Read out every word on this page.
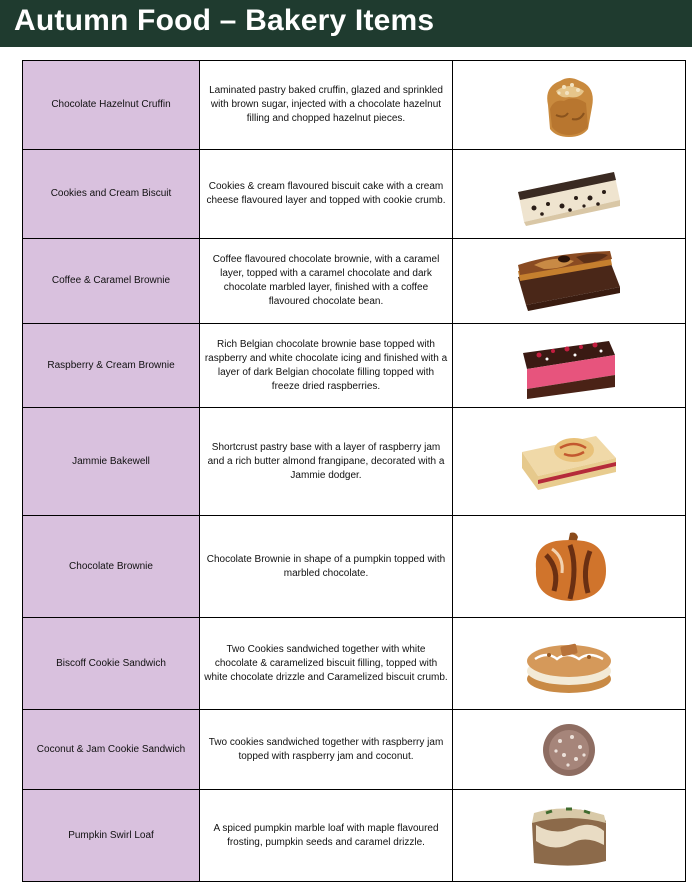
Autumn Food – Bakery Items
Chocolate Hazelnut Cruffin	Laminated pastry baked cruffin, glazed and sprinkled with brown sugar, injected with a chocolate hazelnut filling and chopped hazelnut pieces.	

Cookies and Cream Biscuit	Cookies & cream flavoured biscuit cake with a cream cheese flavoured layer and topped with cookie crumb.	

Coffee & Caramel Brownie	Coffee flavoured chocolate brownie, with a caramel layer, topped with a caramel chocolate and dark chocolate marbled layer, finished with a coffee flavoured chocolate bean.	

Raspberry & Cream Brownie	Rich Belgian chocolate brownie base topped with raspberry and white chocolate icing and finished with a layer of dark Belgian chocolate filling topped with freeze dried raspberries.	

Jammie Bakewell	Shortcrust pastry base with a layer of raspberry jam and a rich butter almond frangipane, decorated with a Jammie dodger.	

Chocolate Brownie	Chocolate Brownie in shape of a pumpkin topped with marbled chocolate.	

Biscoff Cookie Sandwich	Two Cookies sandwiched together with white chocolate & caramelized biscuit filling, topped with white chocolate drizzle and Caramelized biscuit crumb.	

Coconut & Jam Cookie Sandwich	Two cookies sandwiched together with raspberry jam topped with raspberry jam and coconut.	

Pumpkin Swirl Loaf	A spiced pumpkin marble loaf with maple flavoured frosting, pumpkin seeds and caramel drizzle.	
